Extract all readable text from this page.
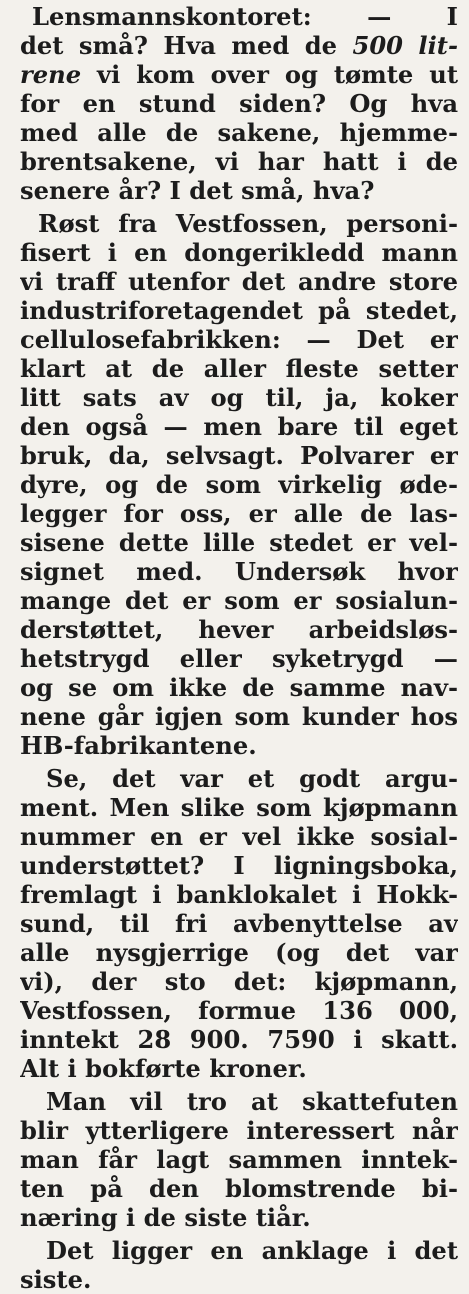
Lensmannskontoret: — I
det små? Hva med de 500 lit-
rene vi kom over og tømte ut
for en stund siden? Og hva
med alle de sakene, hjemme-
brentsakene, vi har hatt i de
senere år? I det små, hva?
Røst fra Vestfossen, personi-
fisert i en dongerikledd mann
vi traff utenfor det andre store
industriforetagendet på stedet,
cellulosefabrikken: — Det er
klart at de aller fleste setter
litt sats av og til, ja, koker
den også — men bare til eget
bruk, da, selvsagt. Polvarer er
dyre, og de som virkelig øde-
legger for oss, er alle de las-
sisene dette lille stedet er vel-
signet med. Undersøk hvor
mange det er som er sosialun-
derstøttet, hever arbeidsløs-
hetstrygd eller syketrygd —
og se om ikke de samme nav-
nene går igjen som kunder hos
HB-fabrikantene.
Se, det var et godt argu-
ment. Men slike som kjøpmann
nummer en er vel ikke sosial-
understøttet? I ligningsboka,
fremlagt i banklokalet i Hokk-
sund, til fri avbenyttelse av
alle nysgjerrige (og det var
vi), der sto det: kjøpmann,
Vestfossen, formue 136 000,
inntekt 28 900. 7590 i skatt.
Alt i bokførte kroner.
Man vil tro at skattefuten
blir ytterligere interessert når
man får lagt sammen inntek-
ten på den blomstrende bi-
næring i de siste tiår.
Det ligger en anklage i det
siste.
